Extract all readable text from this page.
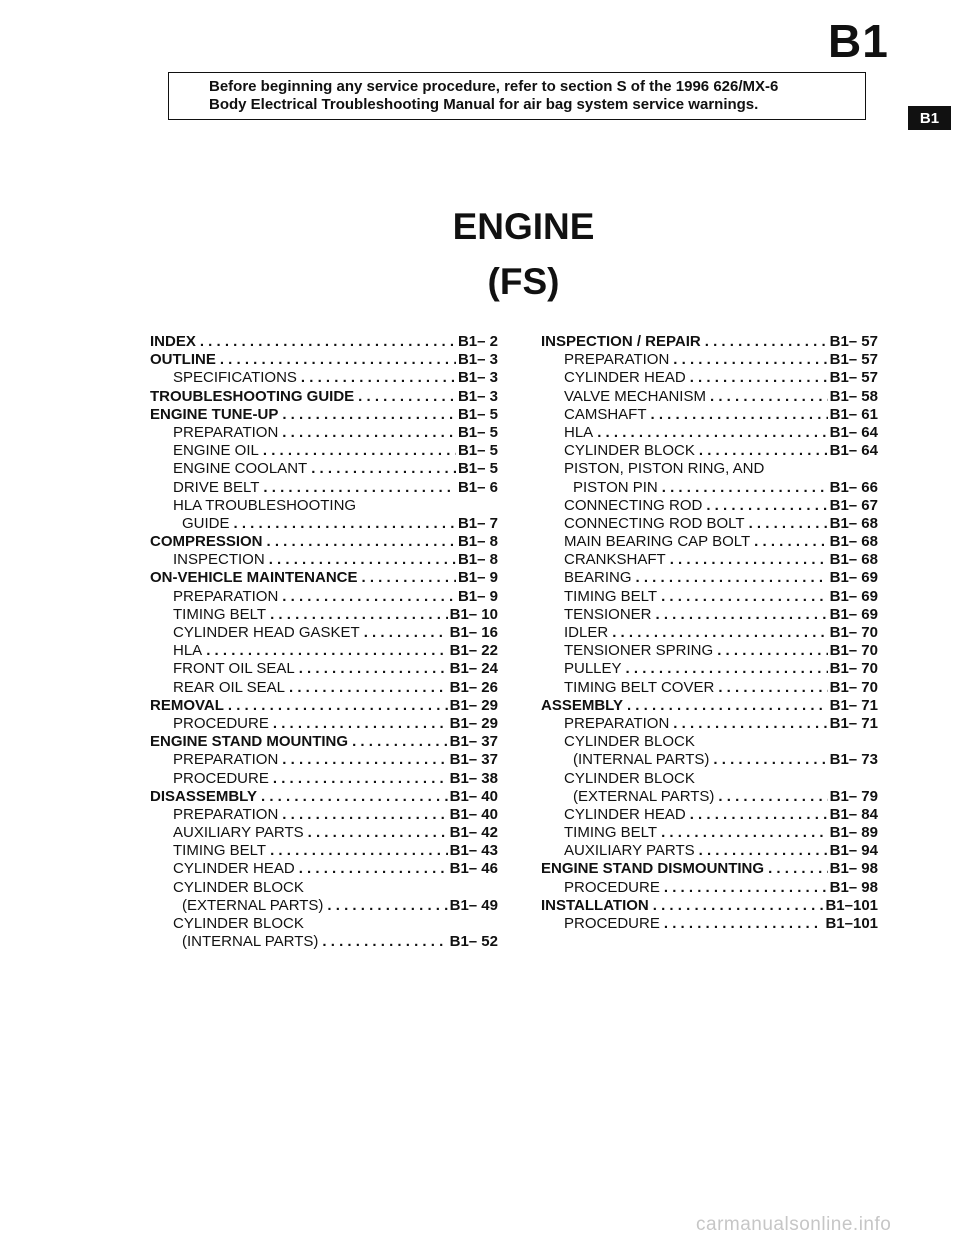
B1
Before beginning any service procedure, refer to section S of the 1996 626/MX-6
Body Electrical Troubleshooting Manual for air bag system service warnings.
B1
ENGINE
(FS)
INDEX . . .	B1– 2
OUTLINE . . .	B1– 3
SPECIFICATIONS . . .	B1– 3
TROUBLESHOOTING GUIDE . . .	B1– 3
ENGINE TUNE-UP . . .	B1– 5
PREPARATION . . .	B1– 5
ENGINE OIL . . .	B1– 5
ENGINE COOLANT . . .	B1– 5
DRIVE BELT . . .	B1– 6
HLA TROUBLESHOOTING
GUIDE . . .	B1– 7
COMPRESSION . . .	B1– 8
INSPECTION . . .	B1– 8
ON-VEHICLE MAINTENANCE . . .	B1– 9
PREPARATION . . .	B1– 9
TIMING BELT . . .	B1– 10
CYLINDER HEAD GASKET . . .	B1– 16
HLA . . .	B1– 22
FRONT OIL SEAL . . .	B1– 24
REAR OIL SEAL . . .	B1– 26
REMOVAL . . .	B1– 29
PROCEDURE . . .	B1– 29
ENGINE STAND MOUNTING . . .	B1– 37
PREPARATION . . .	B1– 37
PROCEDURE . . .	B1– 38
DISASSEMBLY . . .	B1– 40
PREPARATION . . .	B1– 40
AUXILIARY PARTS . . .	B1– 42
TIMING BELT . . .	B1– 43
CYLINDER HEAD . . .	B1– 46
CYLINDER BLOCK
(EXTERNAL PARTS) . . .	B1– 49
CYLINDER BLOCK
(INTERNAL PARTS) . . .	B1– 52
INSPECTION / REPAIR . . .	B1– 57
PREPARATION . . .	B1– 57
CYLINDER HEAD . . .	B1– 57
VALVE MECHANISM . . .	B1– 58
CAMSHAFT . . .	B1– 61
HLA . . .	B1– 64
CYLINDER BLOCK . . .	B1– 64
PISTON, PISTON RING, AND
PISTON PIN . . .	B1– 66
CONNECTING ROD . . .	B1– 67
CONNECTING ROD BOLT . . .	B1– 68
MAIN BEARING CAP BOLT . . .	B1– 68
CRANKSHAFT . . .	B1– 68
BEARING . . .	B1– 69
TIMING BELT . . .	B1– 69
TENSIONER . . .	B1– 69
IDLER . . .	B1– 70
TENSIONER SPRING . . .	B1– 70
PULLEY . . .	B1– 70
TIMING BELT COVER . . .	B1– 70
ASSEMBLY . . .	B1– 71
PREPARATION . . .	B1– 71
CYLINDER BLOCK
(INTERNAL PARTS) . . .	B1– 73
CYLINDER BLOCK
(EXTERNAL PARTS) . . .	B1– 79
CYLINDER HEAD . . .	B1– 84
TIMING BELT . . .	B1– 89
AUXILIARY PARTS . . .	B1– 94
ENGINE STAND DISMOUNTING . . .	B1– 98
PROCEDURE . . .	B1– 98
INSTALLATION . . .	B1–101
PROCEDURE . . .	B1–101
carmanualsonline.info
